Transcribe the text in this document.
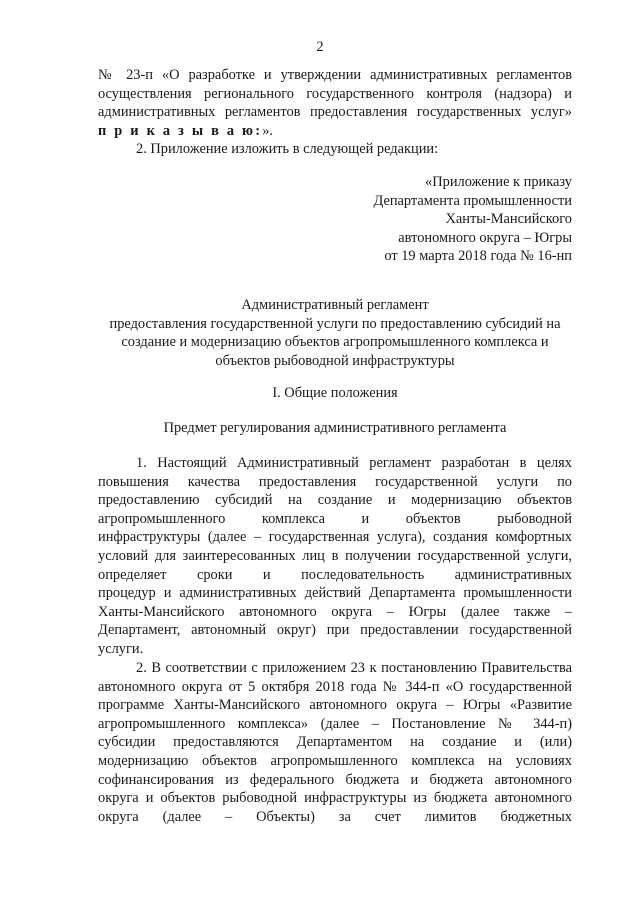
2
№ 23-п «О разработке и утверждении административных регламентов
осуществления регионального государственного контроля (надзора) и
административных регламентов предоставления государственных услуг»
п р и к а з ы в а ю:».
2. Приложение изложить в следующей редакции:
«Приложение к приказу
Департамента промышленности
Ханты-Мансийского
автономного округа – Югры
от 19 марта 2018 года № 16-нп
Административный регламент
предоставления государственной услуги по предоставлению субсидий на
создание и модернизацию объектов агропромышленного комплекса и
объектов рыбоводной инфраструктуры
I. Общие положения
Предмет регулирования административного регламента
1. Настоящий Административный регламент разработан в целях
повышения качества предоставления государственной услуги по
предоставлению субсидий на создание и модернизацию объектов
агропромышленного комплекса и объектов рыбоводной
инфраструктуры (далее – государственная услуга), создания комфортных
условий для заинтересованных лиц в получении государственной услуги,
определяет сроки и последовательность административных
процедур и административных действий Департамента промышленности
Ханты-Мансийского автономного округа – Югры (далее также –
Департамент, автономный округ) при предоставлении государственной
услуги.
2. В соответствии с приложением 23 к постановлению Правительства
автономного округа от 5 октября 2018 года № 344-п «О государственной
программе Ханты-Мансийского автономного округа – Югры «Развитие
агропромышленного комплекса» (далее – Постановление № 344-п)
субсидии предоставляются Департаментом на создание и (или)
модернизацию объектов агропромышленного комплекса на условиях
софинансирования из федерального бюджета и бюджета автономного
округа и объектов рыбоводной инфраструктуры из бюджета автономного
округа (далее – Объекты) за счет лимитов бюджетных
